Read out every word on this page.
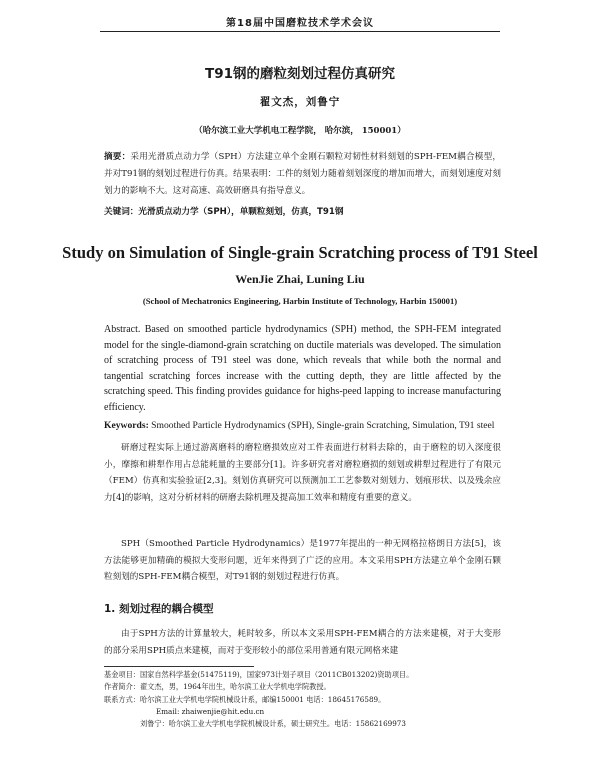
第18届中国磨粒技术学术会议
T91钢的磨粒刻划过程仿真研究
翟文杰，刘鲁宁
（哈尔滨工业大学机电工程学院， 哈尔滨， 150001）
摘要：采用光滑质点动力学（SPH）方法建立单个金刚石颗粒对韧性材料刻划的SPH-FEM耦合模型，并对T91钢的刻划过程进行仿真。结果表明：工件的刻划力随着刻划深度的增加而增大，而刻划速度对刻划力的影响不大。这对高速、高效研磨具有指导意义。
关键词：光滑质点动力学（SPH），单颗粒刻划，仿真，T91钢
Study on Simulation of Single-grain Scratching process of T91 Steel
WenJie Zhai, Luning Liu
(School of Mechatronics Engineering, Harbin Institute of Technology, Harbin 150001)
Abstract. Based on smoothed particle hydrodynamics (SPH) method, the SPH-FEM integrated model for the single-diamond-grain scratching on ductile materials was developed. The simulation of scratching process of T91 steel was done, which reveals that while both the normal and tangential scratching forces increase with the cutting depth, they are little affected by the scratching speed. This finding provides guidance for highs-peed lapping to increase manufacturing efficiency.
Keywords: Smoothed Particle Hydrodynamics (SPH), Single-grain Scratching, Simulation, T91 steel
研磨过程实际上通过游离磨料的磨粒磨损效应对工件表面进行材料去除的，由于磨粒的切入深度很小，摩擦和耕犁作用占总能耗量的主要部分[1]。许多研究者对磨粒磨损的刻划或耕犁过程进行了有限元（FEM）仿真和实验验证[2,3]。刻划仿真研究可以预测加工工艺参数对刻划力、划痕形状、以及残余应力[4]的影响，这对分析材料的研磨去除机理及提高加工效率和精度有重要的意义。
SPH（Smoothed Particle Hydrodynamics）是1977年提出的一种无网格拉格朗日方法[5]，该方法能够更加精确的模拟大变形问题，近年来得到了广泛的应用。本文采用SPH方法建立单个金刚石颗粒刻划的SPH-FEM耦合模型，对T91钢的刻划过程进行仿真。
1. 刻划过程的耦合模型
由于SPH方法的计算量较大，耗时较多，所以本文采用SPH-FEM耦合的方法来建模，对于大变形的部分采用SPH质点来建模，而对于变形较小的部位采用普通有限元网格来建
基金项目：国家自然科学基金(51475119)，国家973计划子项目（2011CB013202)资助项目。
作者简介：翟文杰，男，1964年出生，哈尔滨工业大学机电学院教授。
联系方式：哈尔滨工业大学机电学院机械设计系，邮编150001 电话：18645176589。
Email: zhaiwenjie@hit.edu.cn
刘鲁宁：哈尔滨工业大学机电学院机械设计系，硕士研究生。电话：15862169973
